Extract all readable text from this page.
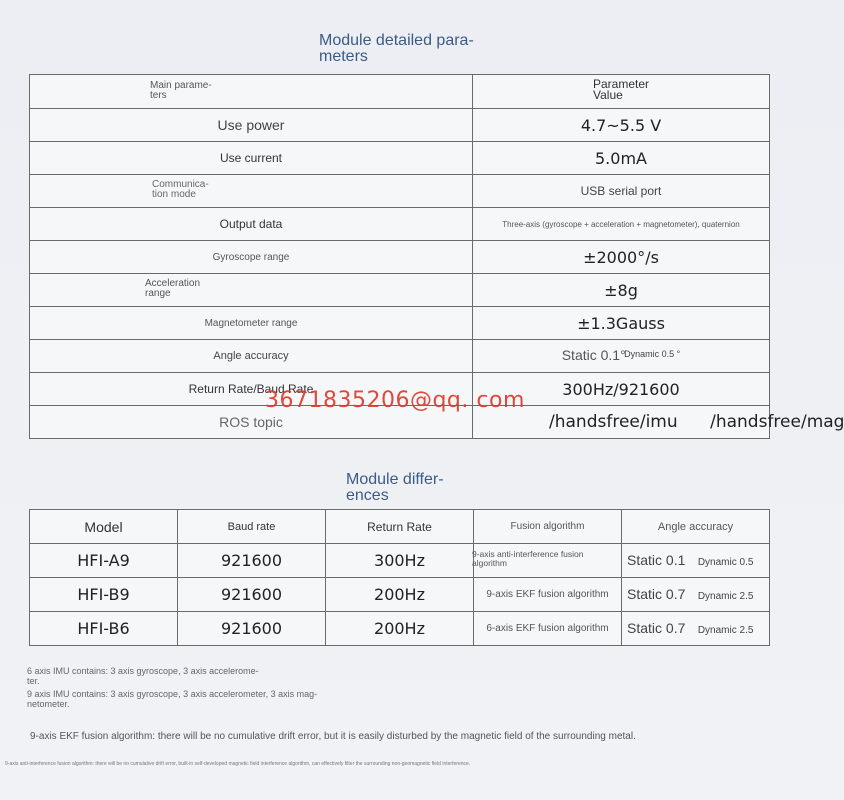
Module detailed para-
meters
Main parame-
ters	Parameter
Value
Use power	4.7~5.5 V
Use current	5.0mA
Communica-
tion mode	USB serial port
Output data	Three-axis (gyroscope + acceleration + magnetometer), quaternion
Gyroscope range	±2000°/s
Acceleration
range	±8g
Magnetometer range	±1.3Gauss
Angle accuracy	Static 0.1° Dynamic 0.5 °
Return Rate/Baud Rate	300Hz/921600
ROS topic	/handsfree/imu /handsfree/mag
3671835206@qq. com
Module differ-
ences
Model	Baud rate	Return Rate	Fusion algorithm	Angle accuracy
HFI-A9	921600	300Hz	9-axis anti-interference fusion
algorithm	Static 0.1 Dynamic 0.5
HFI-B9	921600	200Hz	9-axis EKF fusion algorithm	Static 0.7 Dynamic 2.5
HFI-B6	921600	200Hz	6-axis EKF fusion algorithm	Static 0.7 Dynamic 2.5
6 axis IMU contains: 3 axis gyroscope, 3 axis accelerome-
ter.
9 axis IMU contains: 3 axis gyroscope, 3 axis accelerometer, 3 axis mag-
netometer.
9-axis EKF fusion algorithm: there will be no cumulative drift error, but it is easily disturbed by the magnetic field of the surrounding metal.
9-axis anti-interference fusion algorithm: there will be no cumulative drift error, built-in self-developed magnetic field interference algorithm, can effectively filter the surrounding non-geomagnetic field interference.
